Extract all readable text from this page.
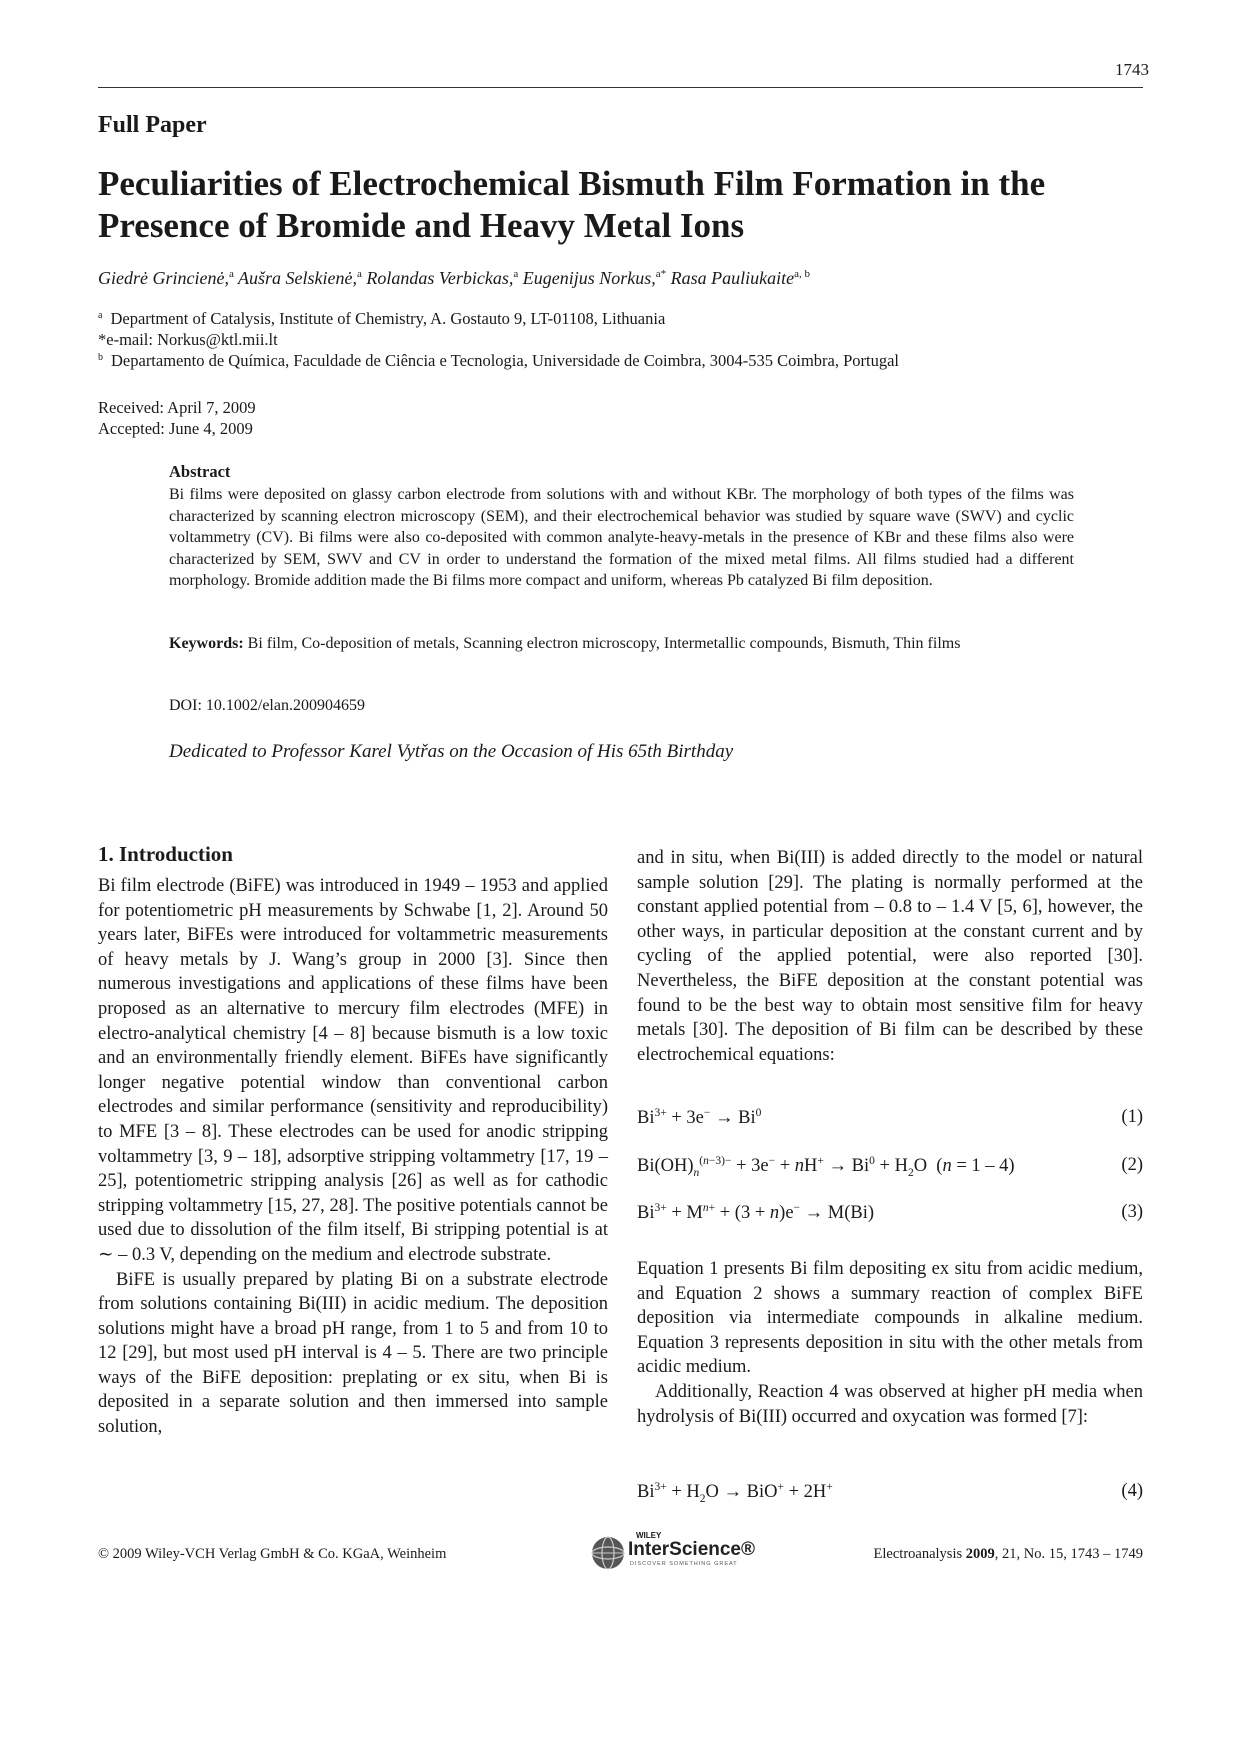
1743
Full Paper
Peculiarities of Electrochemical Bismuth Film Formation in the Presence of Bromide and Heavy Metal Ions
Giedrė Grincienė,$^a$ Aušra Selskienė,$^a$ Rolandas Verbickas,$^a$ Eugenijus Norkus,$^{a*}$ Rasa Pauliukaite$^{a, b}$
$^a$ Department of Catalysis, Institute of Chemistry, A. Gostauto 9, LT-01108, Lithuania
*e-mail: Norkus@ktl.mii.lt
$^b$ Departamento de Química, Faculdade de Ciência e Tecnologia, Universidade de Coimbra, 3004-535 Coimbra, Portugal
Received: April 7, 2009
Accepted: June 4, 2009
Abstract

Bi films were deposited on glassy carbon electrode from solutions with and without KBr. The morphology of both types of the films was characterized by scanning electron microscopy (SEM), and their electrochemical behavior was studied by square wave (SWV) and cyclic voltammetry (CV). Bi films were also co-deposited with common analyte-heavy-metals in the presence of KBr and these films also were characterized by SEM, SWV and CV in order to understand the formation of the mixed metal films. All films studied had a different morphology. Bromide addition made the Bi films more compact and uniform, whereas Pb catalyzed Bi film deposition.

Keywords: Bi film, Co-deposition of metals, Scanning electron microscopy, Intermetallic compounds, Bismuth, Thin films

DOI: 10.1002/elan.200904659
Dedicated to Professor Karel Vytřas on the Occasion of His 65th Birthday
1. Introduction

Bi film electrode (BiFE) was introduced in 1949 – 1953 and applied for potentiometric pH measurements by Schwabe [1, 2]. Around 50 years later, BiFEs were introduced for voltammetric measurements of heavy metals by J. Wang’s group in 2000 [3]. Since then numerous investigations and applications of these films have been proposed as an alternative to mercury film electrodes (MFE) in electro-analytical chemistry [4 – 8] because bismuth is a low toxic and an environmentally friendly element. BiFEs have significantly longer negative potential window than conventional carbon electrodes and similar performance (sensitivity and reproducibility) to MFE [3 – 8]. These electrodes can be used for anodic stripping voltammetry [3, 9 – 18], adsorptive stripping voltammetry [17, 19 – 25], potentiometric stripping analysis [26] as well as for cathodic stripping voltammetry [15, 27, 28]. The positive potentials cannot be used due to dissolution of the film itself, Bi stripping potential is at ∼ – 0.3 V, depending on the medium and electrode substrate.

BiFE is usually prepared by plating Bi on a substrate electrode from solutions containing Bi(III) in acidic medium. The deposition solutions might have a broad pH range, from 1 to 5 and from 10 to 12 [29], but most used pH interval is 4 – 5. There are two principle ways of the BiFE deposition: preplating or ex situ, when Bi is deposited in a separate solution and then immersed into sample solution,

and in situ, when Bi(III) is added directly to the model or natural sample solution [29]. The plating is normally performed at the constant applied potential from – 0.8 to – 1.4 V [5, 6], however, the other ways, in particular deposition at the constant current and by cycling of the applied potential, were also reported [30]. Nevertheless, the BiFE deposition at the constant potential was found to be the best way to obtain most sensitive film for heavy metals [30]. The deposition of Bi film can be described by these electrochemical equations:

$Bi^{3+} + 3e^- \to Bi^0$	(1)
$Bi(OH)_n^{(n-3)-} + 3e^- + nH^+ \to Bi^0 + H_2O$  (n = 1 – 4)	(2)
$Bi^{3+} + M^{n+} + (3 + n)e^- \to M(Bi)$	(3)

Equation 1 presents Bi film depositing ex situ from acidic medium, and Equation 2 shows a summary reaction of complex BiFE deposition via intermediate compounds in alkaline medium. Equation 3 represents deposition in situ with the other metals from acidic medium.

Additionally, Reaction 4 was observed at higher pH media when hydrolysis of Bi(III) occurred and oxycation was formed [7]:

$Bi^{3+} + H_2O \to BiO^+ + 2H^+$	(4)
© 2009 Wiley-VCH Verlag GmbH & Co. KGaA, Weinheim
WILEY
InterScience®
DISCOVER SOMETHING GREAT
Electroanalysis 2009, 21, No. 15, 1743 – 1749
